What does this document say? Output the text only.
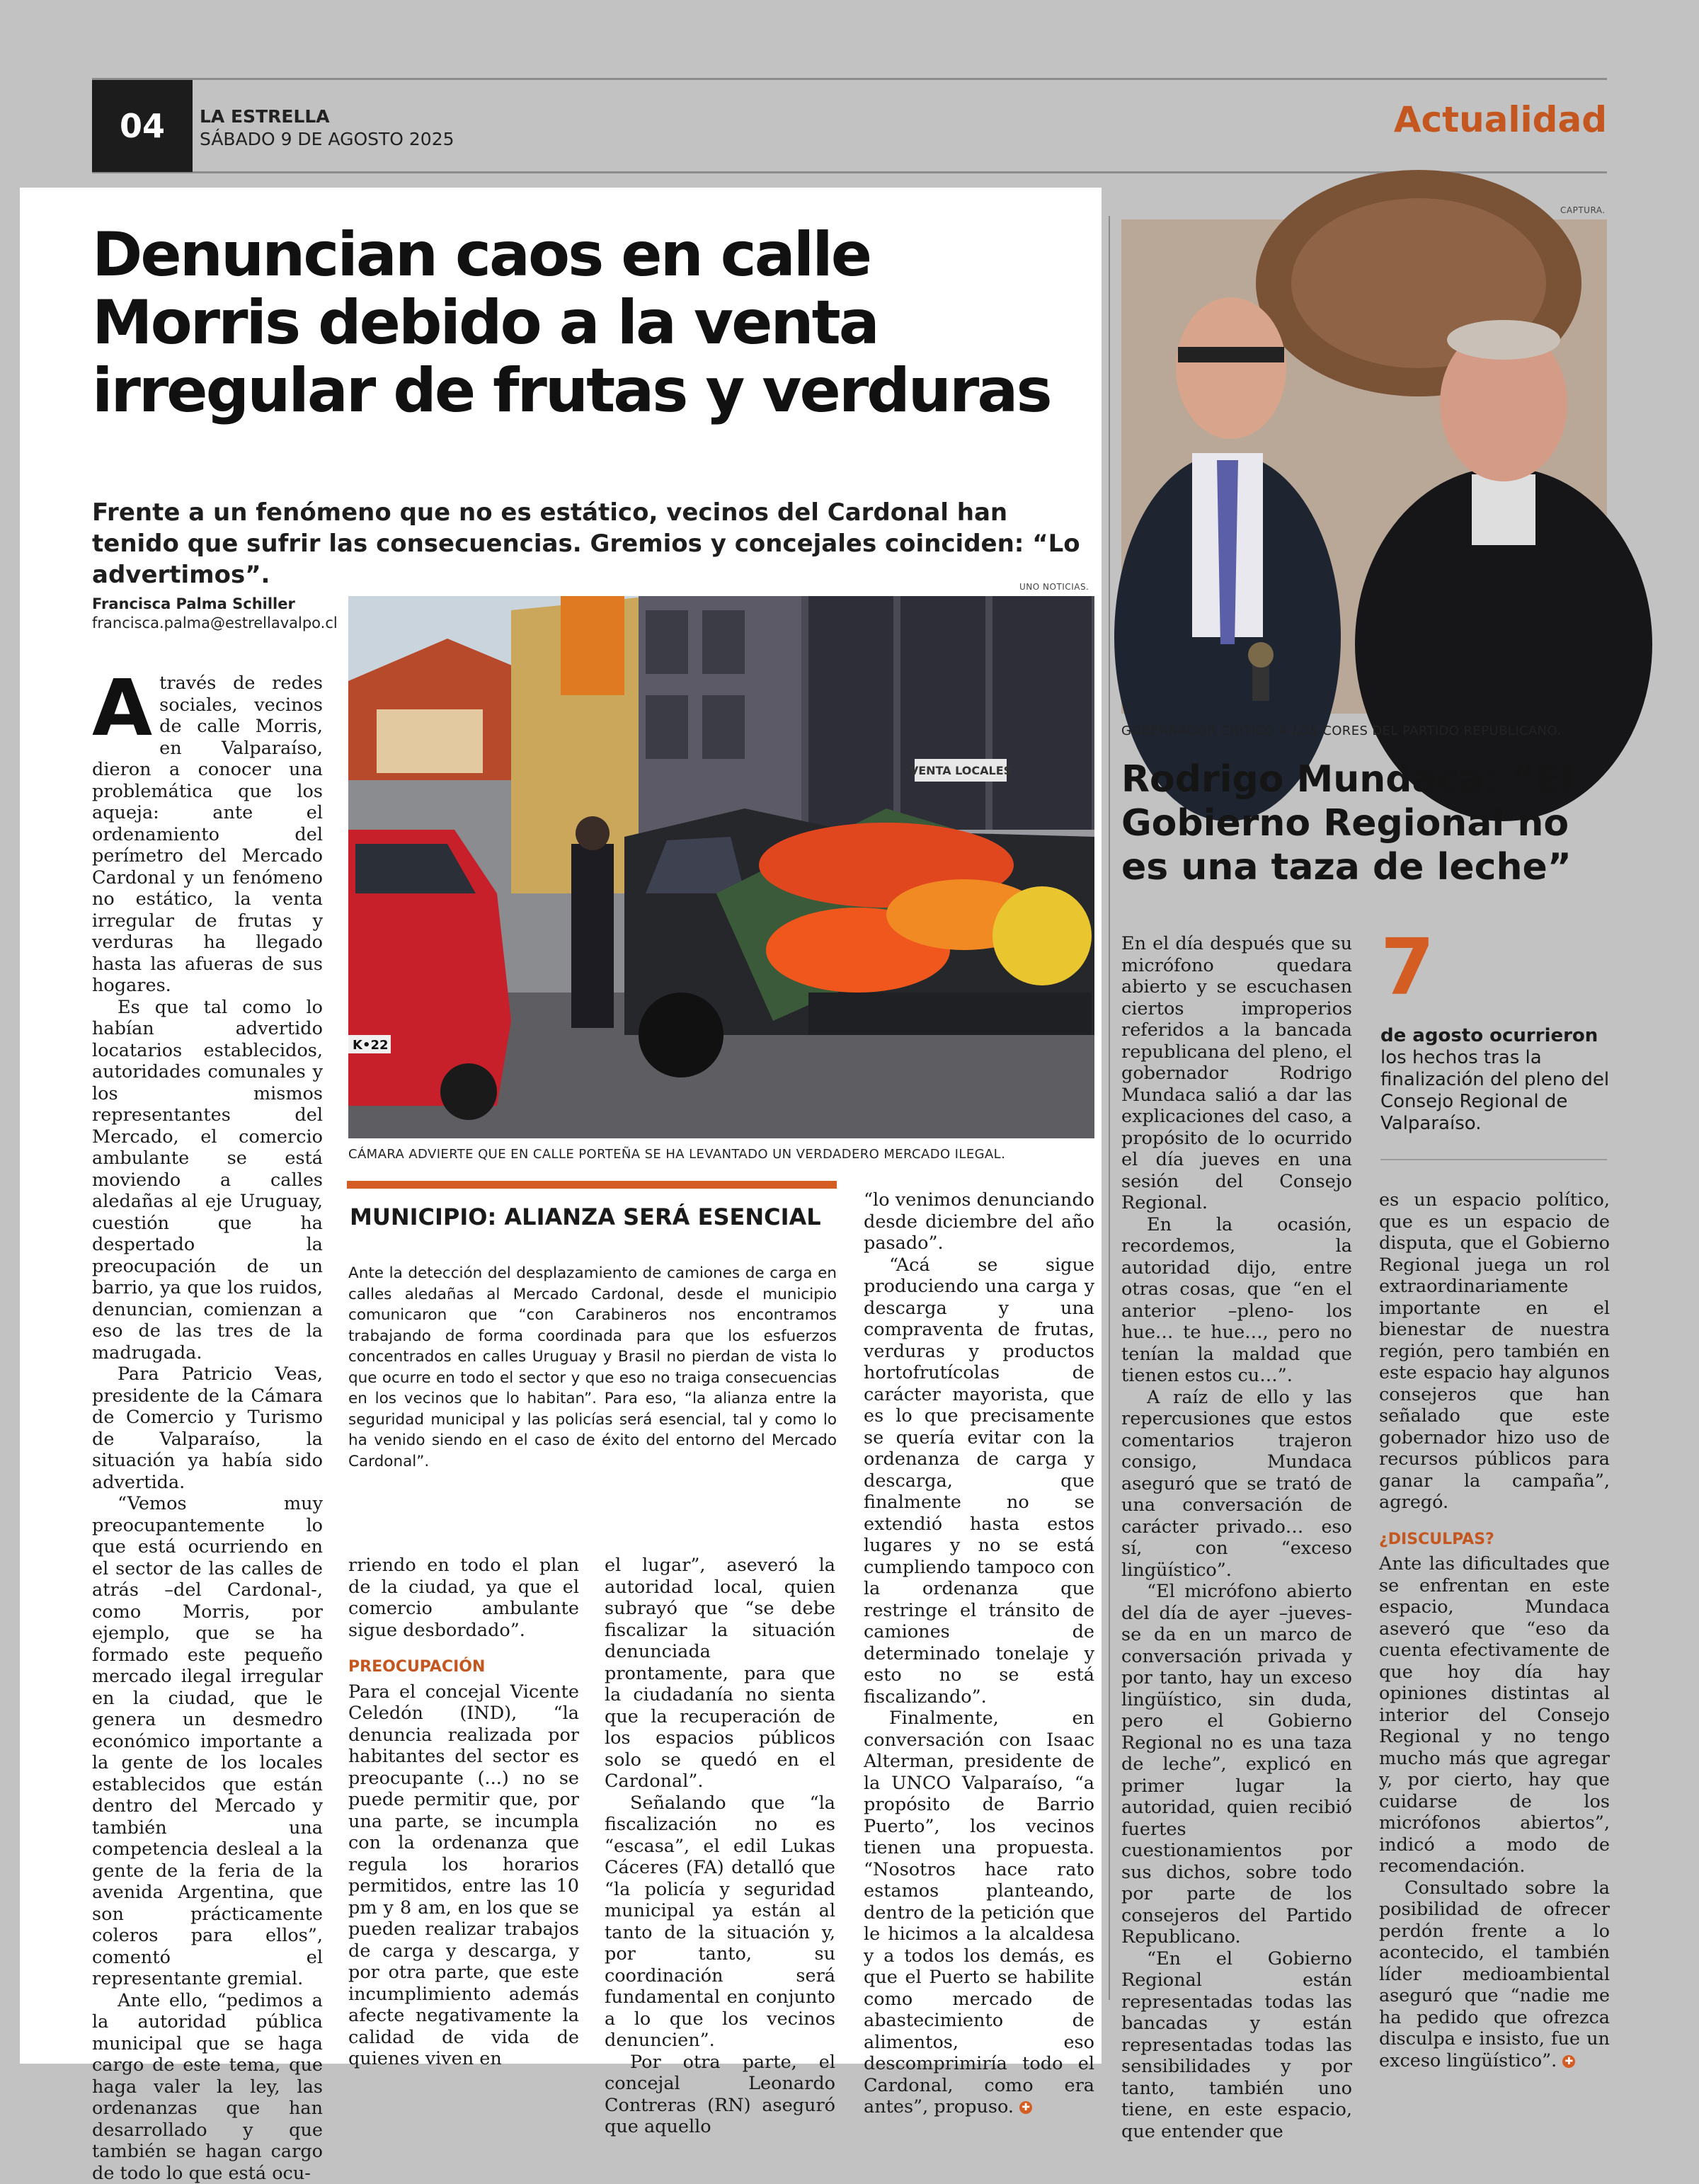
04	LA ESTRELLA
SÁBADO 9 DE AGOSTO 2025	Actualidad
Denuncian caos en calle
Morris debido a la venta
irregular de frutas y verduras
Frente a un fenómeno que no es estático, vecinos del Cardonal han tenido que sufrir las consecuencias. Gremios y concejales coinciden: “Lo advertimos”.
Francisca Palma Schiller
francisca.palma@estrellavalpo.cl
UNO NOTICIAS.
VENTA LOCALES
K•22
CÁMARA ADVIERTE QUE EN CALLE PORTEÑA SE HA LEVANTADO UN VERDADERO MERCADO ILEGAL.

Através de redes sociales, vecinos de calle Morris, en Valparaíso, dieron a conocer una problemática que los aqueja: ante el ordenamiento del perímetro del Mercado Cardonal y un fenómeno no estático, la venta irregular de frutas y verduras ha llegado hasta las afueras de sus hogares.

Es que tal como lo habían advertido locatarios establecidos, autoridades comunales y los mismos representantes del Mercado, el comercio ambulante se está moviendo a calles aledañas al eje Uruguay, cuestión que ha despertado la preocupación de un barrio, ya que los ruidos, denuncian, comienzan a eso de las tres de la madrugada.

Para Patricio Veas, presidente de la Cámara de Comercio y Turismo de Valparaíso, la situación ya había sido advertida.

“Vemos muy preocupantemente lo que está ocurriendo en el sector de las calles de atrás –del Cardonal-, como Morris, por ejemplo, que se ha formado este pequeño mercado ilegal irregular en la ciudad, que le genera un desmedro económico importante a la gente de los locales establecidos que están dentro del Mercado y también una competencia desleal a la gente de la feria de la avenida Argentina, que son prácticamente coleros para ellos”, comentó el representante gremial.

Ante ello, “pedimos a la autoridad pública municipal que se haga cargo de este tema, que haga valer la ley, las ordenanzas que han desarrollado y que también se hagan cargo de todo lo que está ocu-

MUNICIPIO: ALIANZA SERÁ ESENCIAL
Ante la detección del desplazamiento de camiones de carga en calles aledañas al Mercado Cardonal, desde el municipio comunicaron que “con Carabineros nos encontramos trabajando de forma coordinada para que los esfuerzos concentrados en calles Uruguay y Brasil no pierdan de vista lo que ocurre en todo el sector y que eso no traiga consecuencias en los vecinos que lo habitan”. Para eso, “la alianza entre la seguridad municipal y las policías será esencial, tal y como lo ha venido siendo en el caso de éxito del entorno del Mercado Cardonal”.

rriendo en todo el plan de la ciudad, ya que el comercio ambulante sigue desbordado”.

PREOCUPACIÓN

Para el concejal Vicente Celedón (IND), “la denuncia realizada por habitantes del sector es preocupante (...) no se puede permitir que, por una parte, se incumpla con la ordenanza que regula los horarios permitidos, entre las 10 pm y 8 am, en los que se pueden realizar trabajos de carga y descarga, y por otra parte, que este incumplimiento además afecte negativamente la calidad de vida de quienes viven en

el lugar”, aseveró la autoridad local, quien subrayó que “se debe fiscalizar la situación denunciada prontamente, para que la ciudadanía no sienta que la recuperación de los espacios públicos solo se quedó en el Cardonal”.

Señalando que “la fiscalización no es “escasa”, el edil Lukas Cáceres (FA) detalló que “la policía y seguridad municipal ya están al tanto de la situación y, por tanto, su coordinación será fundamental en conjunto a lo que los vecinos denuncien”.

Por otra parte, el concejal Leonardo Contreras (RN) aseguró que aquello

“lo venimos denunciando desde diciembre del año pasado”.

“Acá se sigue produciendo una carga y descarga y una compraventa de frutas, verduras y productos hortofrutícolas de carácter mayorista, que es lo que precisamente se quería evitar con la ordenanza de carga y descarga, que finalmente no se extendió hasta estos lugares y no se está cumpliendo tampoco con la ordenanza que restringe el tránsito de camiones de determinado tonelaje y esto no se está fiscalizando”.

Finalmente, en conversación con Isaac Alterman, presidente de la UNCO Valparaíso, “a propósito de Barrio Puerto”, los vecinos tienen una propuesta. “Nosotros hace rato estamos planteando, dentro de la petición que le hicimos a la alcaldesa y a todos los demás, es que el Puerto se habilite como mercado de abastecimiento de alimentos, eso descomprimiría todo el Cardonal, como era antes”, propuso. ✚

CAPTURA.
GOBERNADOR CRITICÓ A LOS CORES DEL PARTIDO REPUBLICANO.
Rodrigo Mundaca: “El
Gobierno Regional no
es una taza de leche”

En el día después que su micrófono quedara abierto y se escuchasen ciertos improperios referidos a la bancada republicana del pleno, el gobernador Rodrigo Mundaca salió a dar las explicaciones del caso, a propósito de lo ocurrido el día jueves en una sesión del Consejo Regional.

En la ocasión, recordemos, la autoridad dijo, entre otras cosas, que “en el anterior –pleno- los hue… te hue…, pero no tenían la maldad que tienen estos cu…”.

A raíz de ello y las repercusiones que estos comentarios trajeron consigo, Mundaca aseguró que se trató de una conversación de carácter privado… eso sí, con “exceso lingüístico”.

“El micrófono abierto del día de ayer –jueves- se da en un marco de conversación privada y por tanto, hay un exceso lingüístico, sin duda, pero el Gobierno Regional no es una taza de leche”, explicó en primer lugar la autoridad, quien recibió fuertes cuestionamientos por sus dichos, sobre todo por parte de los consejeros del Partido Republicano.

“En el Gobierno Regional están representadas todas las bancadas y están representadas todas las sensibilidades y por tanto, también uno tiene, en este espacio, que entender que

7
de agosto ocurrieron
los hechos tras la finalización del pleno del Consejo Regional de Valparaíso.

es un espacio político, que es un espacio de disputa, que el Gobierno Regional juega un rol extraordinariamente importante en el bienestar de nuestra región, pero también en este espacio hay algunos consejeros que han señalado que este gobernador hizo uso de recursos públicos para ganar la campaña”, agregó.

¿DISCULPAS?

Ante las dificultades que se enfrentan en este espacio, Mundaca aseveró que “eso da cuenta efectivamente de que hoy día hay opiniones distintas al interior del Consejo Regional y no tengo mucho más que agregar y, por cierto, hay que cuidarse de los micrófonos abiertos”, indicó a modo de recomendación.

Consultado sobre la posibilidad de ofrecer perdón frente a lo acontecido, el también líder medioambiental aseguró que “nadie me ha pedido que ofrezca disculpa e insisto, fue un exceso lingüístico”. ✚
